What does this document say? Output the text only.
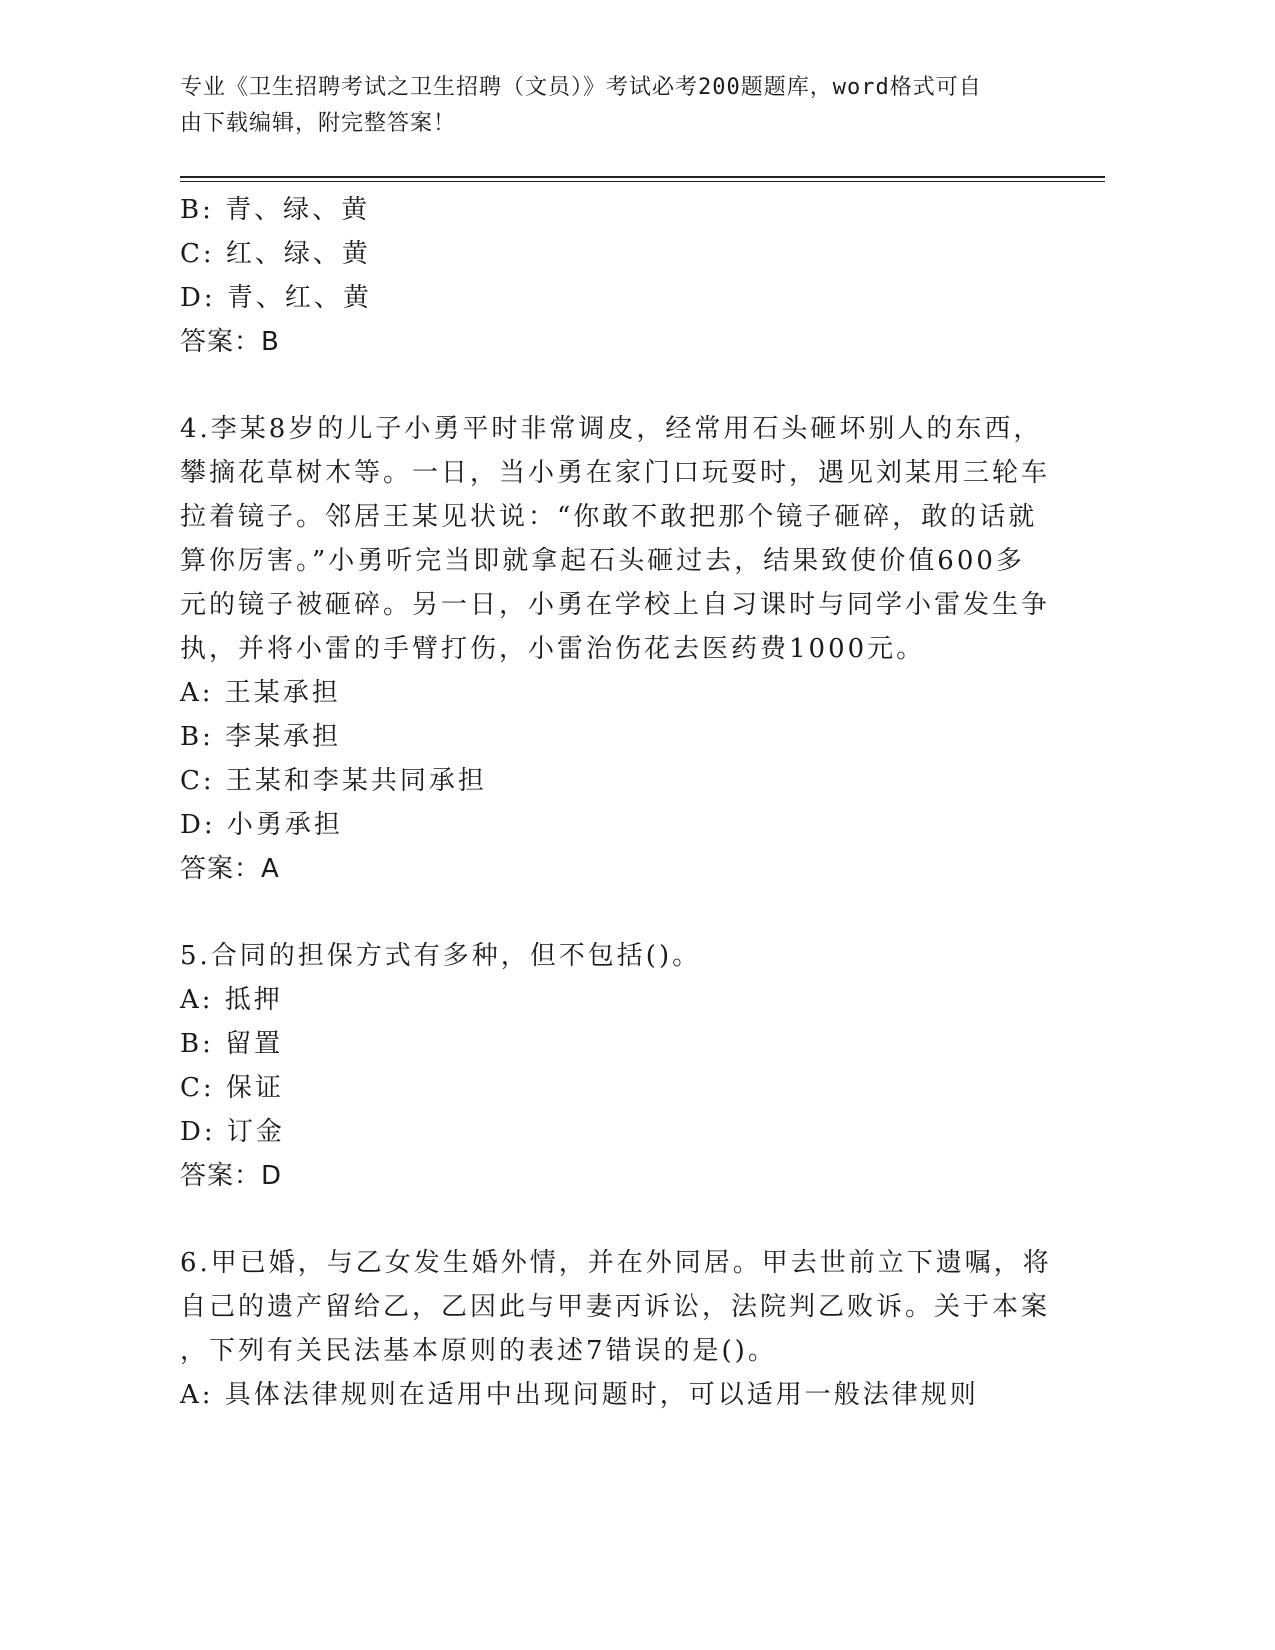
专业《卫生招聘考试之卫生招聘（文员）》考试必考200题题库，word格式可自
由下载编辑，附完整答案！
B: 青、绿、黄
C: 红、绿、黄
D: 青、红、黄
答案：B
4.李某8岁的儿子小勇平时非常调皮，经常用石头砸坏别人的东西，
攀摘花草树木等。一日，当小勇在家门口玩耍时，遇见刘某用三轮车
拉着镜子。邻居王某见状说：“你敢不敢把那个镜子砸碎，敢的话就
算你厉害。”小勇听完当即就拿起石头砸过去，结果致使价值600多
元的镜子被砸碎。另一日，小勇在学校上自习课时与同学小雷发生争
执，并将小雷的手臂打伤，小雷治伤花去医药费1000元。
A: 王某承担
B: 李某承担
C: 王某和李某共同承担
D: 小勇承担
答案：A
5.合同的担保方式有多种，但不包括()。
A: 抵押
B: 留置
C: 保证
D: 订金
答案：D
6.甲已婚，与乙女发生婚外情，并在外同居。甲去世前立下遗嘱，将
自己的遗产留给乙，乙因此与甲妻丙诉讼，法院判乙败诉。关于本案
，下列有关民法基本原则的表述7错误的是()。
A: 具体法律规则在适用中出现问题时，可以适用一般法律规则
